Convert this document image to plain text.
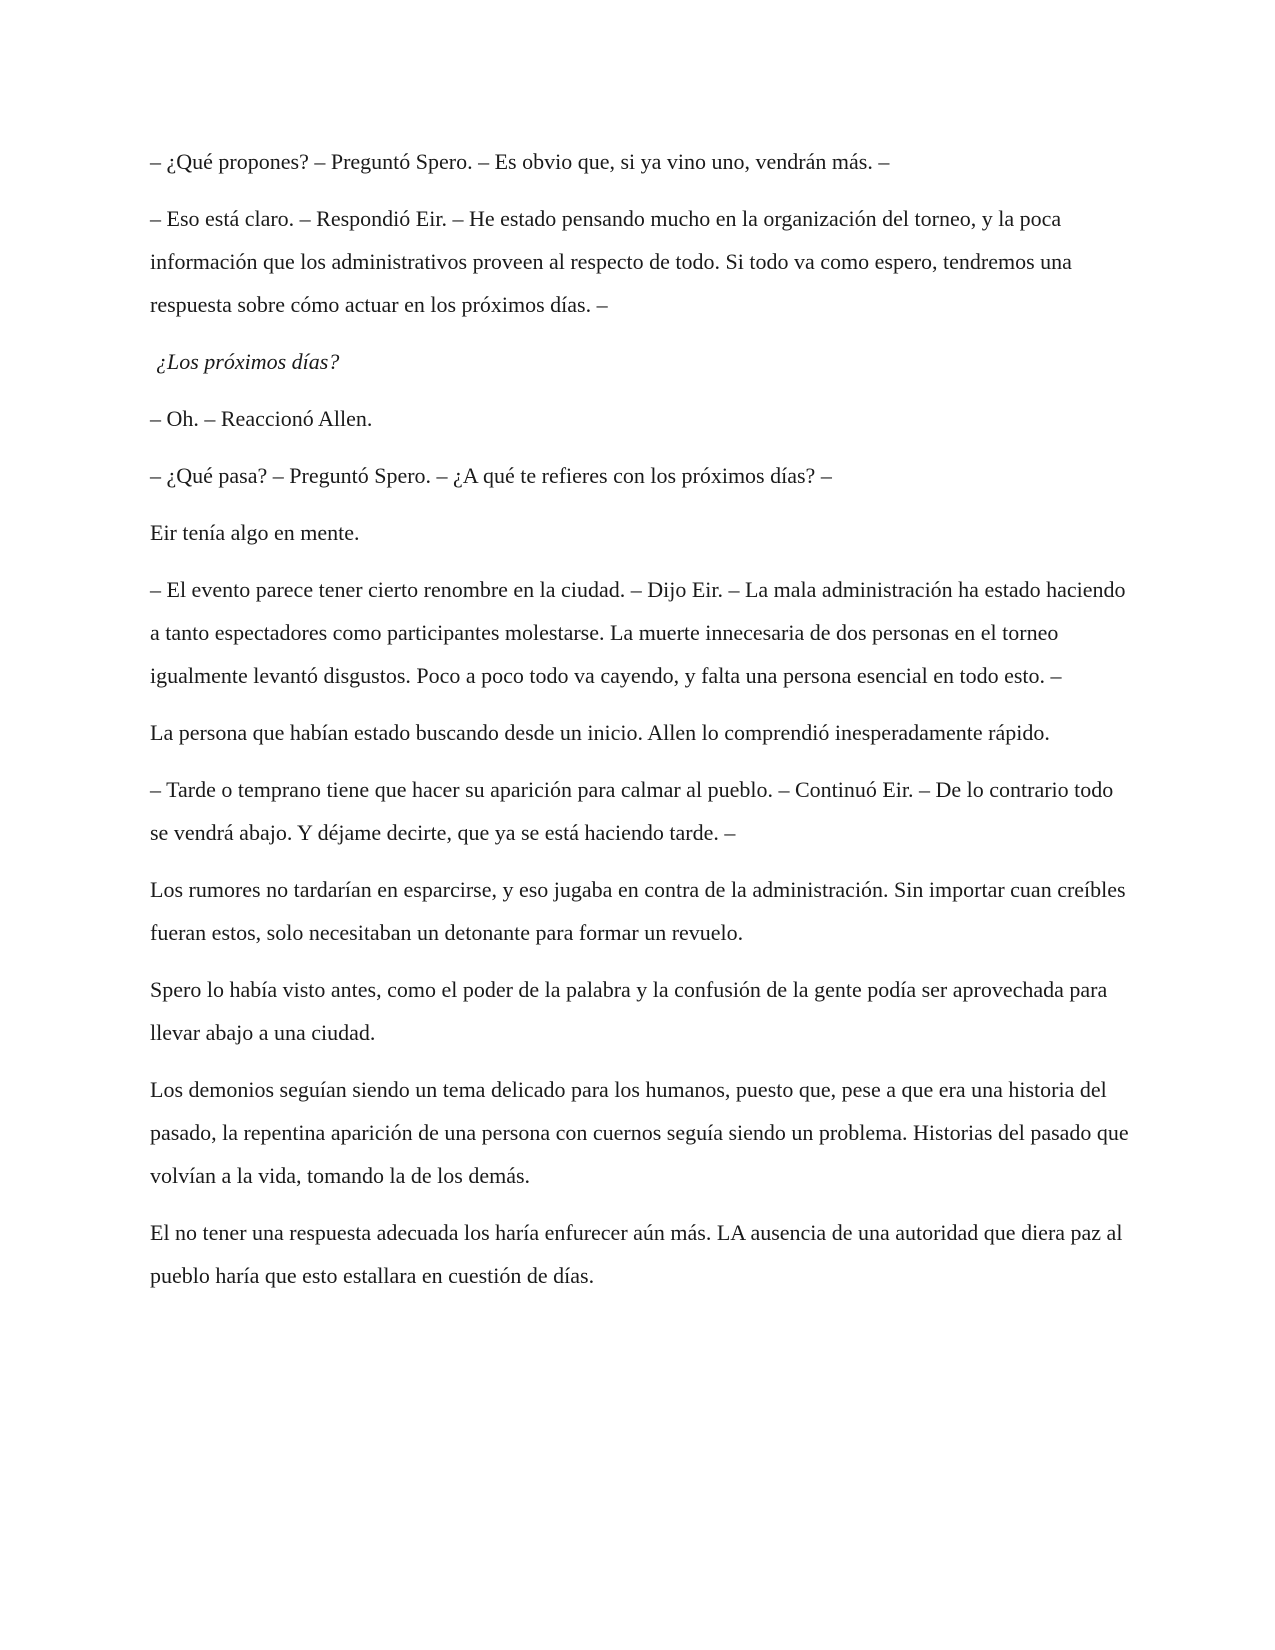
– ¿Qué propones? – Preguntó Spero. – Es obvio que, si ya vino uno, vendrán más. –

– Eso está claro. – Respondió Eir. – He estado pensando mucho en la organización del torneo, y la poca información que los administrativos proveen al respecto de todo. Si todo va como espero, tendremos una respuesta sobre cómo actuar en los próximos días. –

¿Los próximos días?

– Oh. – Reaccionó Allen.

– ¿Qué pasa? – Preguntó Spero. – ¿A qué te refieres con los próximos días? –

Eir tenía algo en mente.

– El evento parece tener cierto renombre en la ciudad. – Dijo Eir. – La mala administración ha estado haciendo a tanto espectadores como participantes molestarse. La muerte innecesaria de dos personas en el torneo igualmente levantó disgustos. Poco a poco todo va cayendo, y falta una persona esencial en todo esto. –

La persona que habían estado buscando desde un inicio. Allen lo comprendió inesperadamente rápido.

– Tarde o temprano tiene que hacer su aparición para calmar al pueblo. – Continuó Eir. – De lo contrario todo se vendrá abajo. Y déjame decirte, que ya se está haciendo tarde. –

Los rumores no tardarían en esparcirse, y eso jugaba en contra de la administración. Sin importar cuan creíbles fueran estos, solo necesitaban un detonante para formar un revuelo.

Spero lo había visto antes, como el poder de la palabra y la confusión de la gente podía ser aprovechada para llevar abajo a una ciudad.

Los demonios seguían siendo un tema delicado para los humanos, puesto que, pese a que era una historia del pasado, la repentina aparición de una persona con cuernos seguía siendo un problema. Historias del pasado que volvían a la vida, tomando la de los demás.

El no tener una respuesta adecuada los haría enfurecer aún más. LA ausencia de una autoridad que diera paz al pueblo haría que esto estallara en cuestión de días.
